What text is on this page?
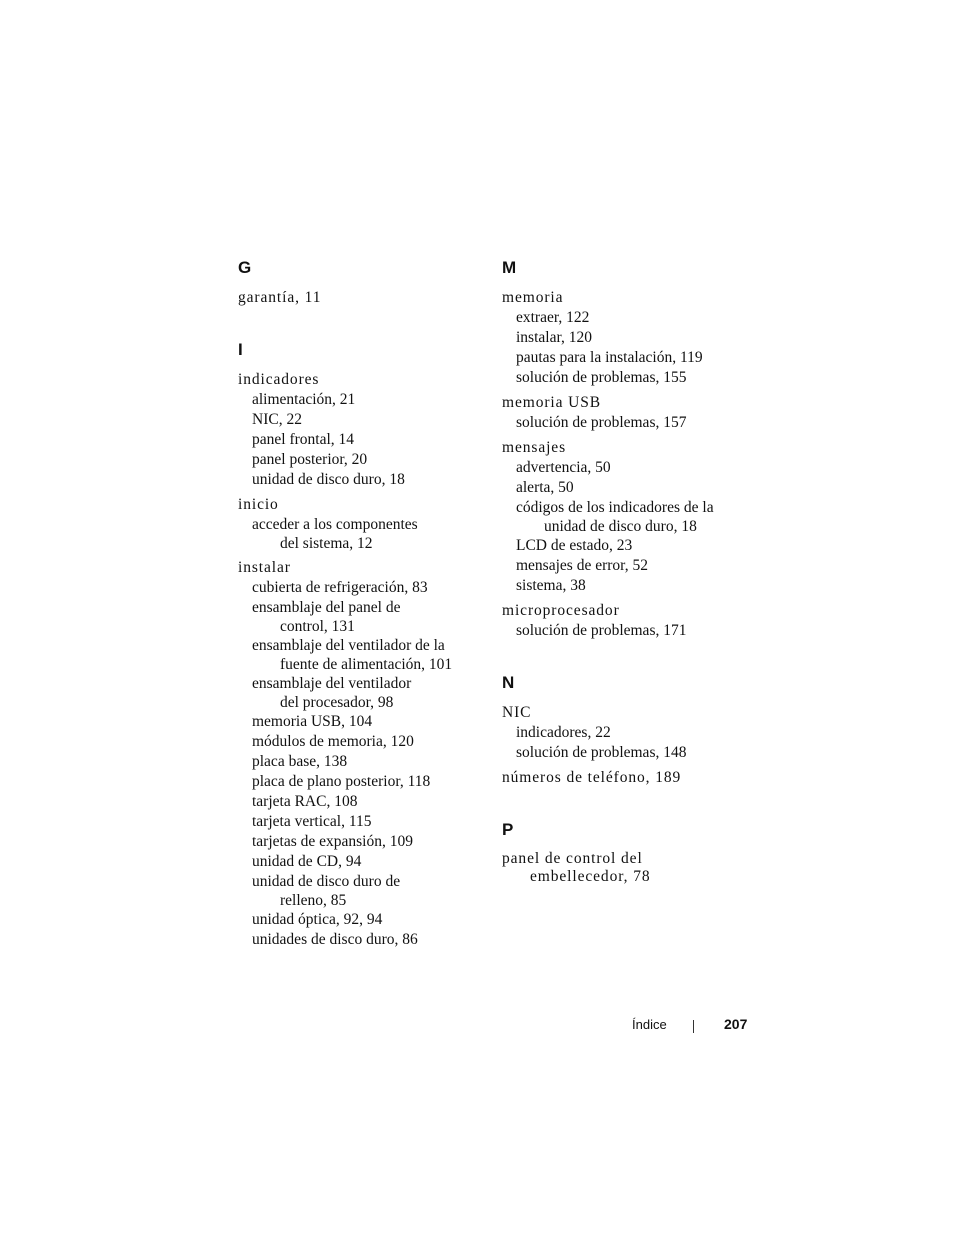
G
garantía, 11
I
indicadores
alimentación, 21
NIC, 22
panel frontal, 14
panel posterior, 20
unidad de disco duro, 18
inicio
acceder a los componentes
del sistema, 12
instalar
cubierta de refrigeración, 83
ensamblaje del panel de
control, 131
ensamblaje del ventilador de la
fuente de alimentación, 101
ensamblaje del ventilador
del procesador, 98
memoria USB, 104
módulos de memoria, 120
placa base, 138
placa de plano posterior, 118
tarjeta RAC, 108
tarjeta vertical, 115
tarjetas de expansión, 109
unidad de CD, 94
unidad de disco duro de
relleno, 85
unidad óptica, 92, 94
unidades de disco duro, 86
M
memoria
extraer, 122
instalar, 120
pautas para la instalación, 119
solución de problemas, 155
memoria USB
solución de problemas, 157
mensajes
advertencia, 50
alerta, 50
códigos de los indicadores de la
unidad de disco duro, 18
LCD de estado, 23
mensajes de error, 52
sistema, 38
microprocesador
solución de problemas, 171
N
NIC
indicadores, 22
solución de problemas, 148
números de teléfono, 189
P
panel de control del
embellecedor, 78
Índice	207
